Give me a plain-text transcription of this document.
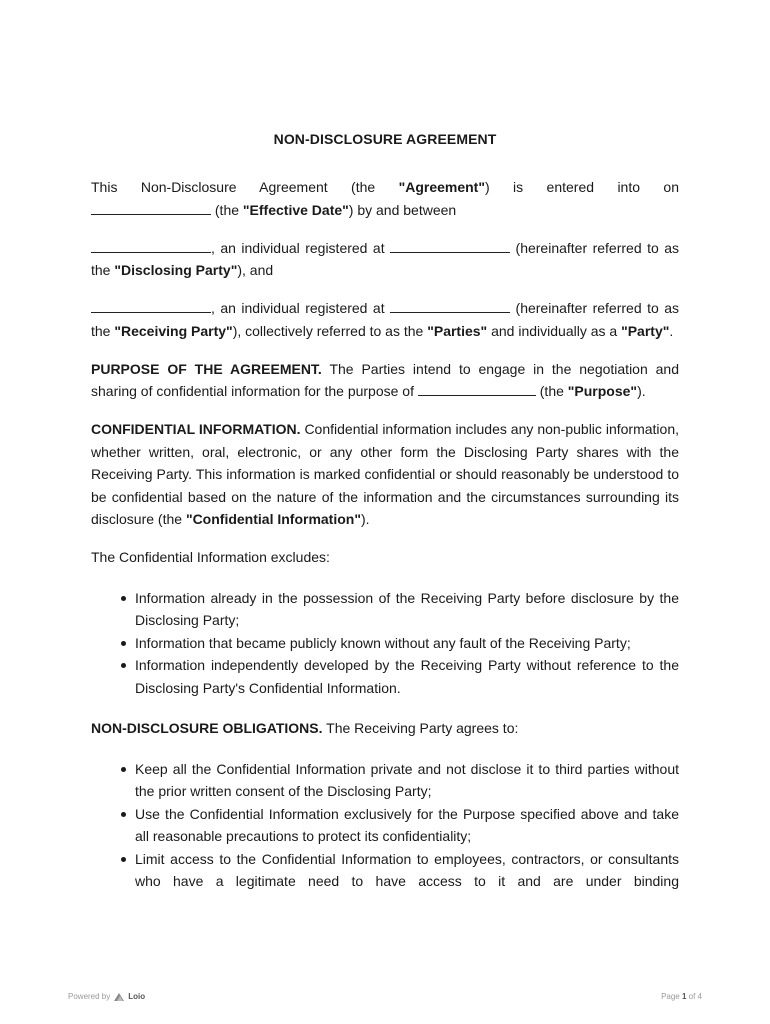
NON-DISCLOSURE AGREEMENT

This Non-Disclosure Agreement (the "Agreement") is entered into on
(the "Effective Date") by and between

, an individual registered at	(hereinafter referred to as the "Disclosing Party"), and

, an individual registered at	(hereinafter referred to as the "Receiving Party"), collectively referred to as the "Parties" and individually as a "Party".

PURPOSE OF THE AGREEMENT. The Parties intend to engage in the negotiation and sharing of confidential information for the purpose of	(the "Purpose").

CONFIDENTIAL INFORMATION. Confidential information includes any non-public information, whether written, oral, electronic, or any other form the Disclosing Party shares with the Receiving Party. This information is marked confidential or should reasonably be understood to be confidential based on the nature of the information and the circumstances surrounding its disclosure (the "Confidential Information").

The Confidential Information excludes:

Information already in the possession of the Receiving Party before disclosure by the Disclosing Party;
Information that became publicly known without any fault of the Receiving Party;
Information independently developed by the Receiving Party without reference to the Disclosing Party's Confidential Information.

NON-DISCLOSURE OBLIGATIONS. The Receiving Party agrees to:

Keep all the Confidential Information private and not disclose it to third parties without the prior written consent of the Disclosing Party;
Use the Confidential Information exclusively for the Purpose specified above and take all reasonable precautions to protect its confidentiality;
Limit access to the Confidential Information to employees, contractors, or consultants who have a legitimate need to have access to it and are under binding
Powered by Loio	Page 1 of 4
